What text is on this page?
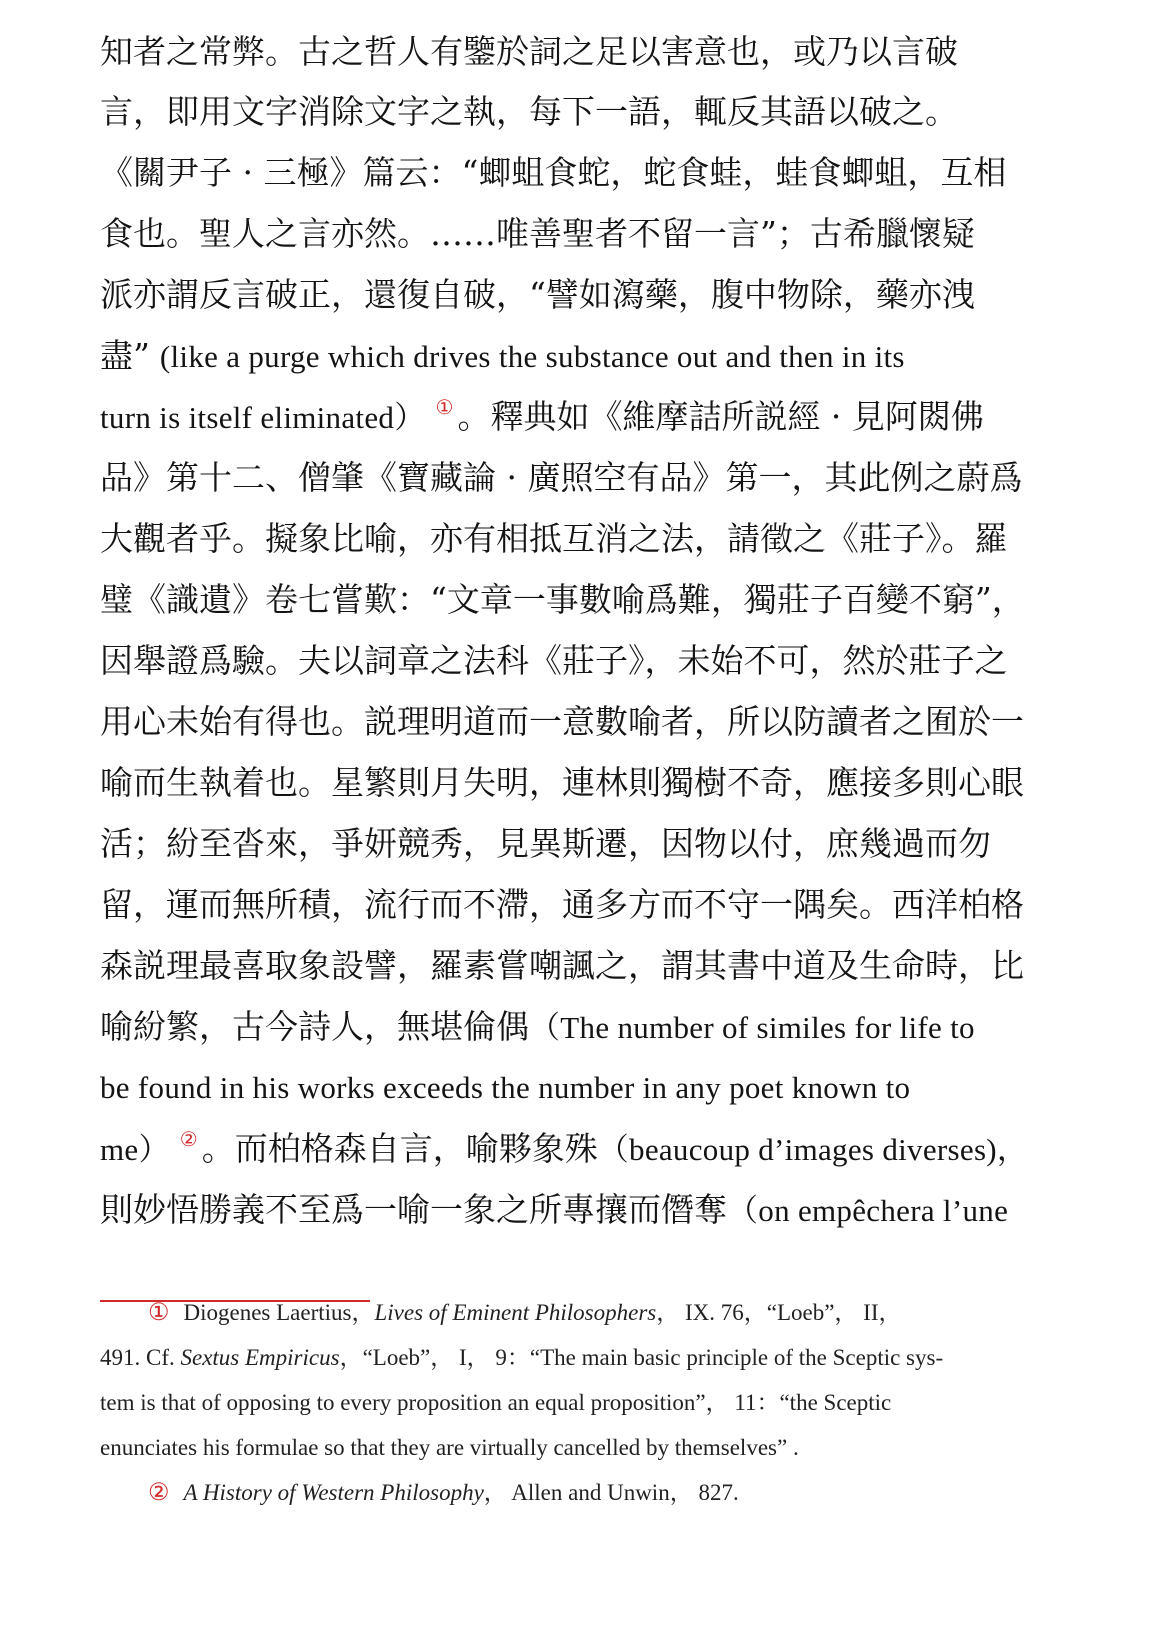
知者之常弊。古之哲人有鑒於詞之足以害意也，或乃以言破
言，即用文字消除文字之執，每下一語，輒反其語以破之。
《關尹子 · 三極》篇云：“蝍蛆食蛇，蛇食蛙，蛙食蝍蛆，互相
食也。聖人之言亦然。……唯善聖者不留一言”；古希臘懷疑
派亦謂反言破正，還復自破，“譬如瀉藥，腹中物除，藥亦洩
盡” (like a purge which drives the substance out and then in its
turn is itself eliminated） ① 。釋典如《維摩詰所説經 · 見阿閦佛
品》第十二、僧肇《寶藏論 · 廣照空有品》第一，其此例之蔚爲
大觀者乎。擬象比喻，亦有相抵互消之法，請徵之《莊子》。羅
璧《識遺》卷七嘗歎：“文章一事數喻爲難，獨莊子百變不窮”，
因舉證爲驗。夫以詞章之法科《莊子》，未始不可，然於莊子之
用心未始有得也。説理明道而一意數喻者，所以防讀者之囿於一
喻而生執着也。星繁則月失明，連林則獨樹不奇，應接多則心眼
活；紛至沓來，爭妍競秀，見異斯遷，因物以付，庶幾過而勿
留，運而無所積，流行而不滯，通多方而不守一隅矣。西洋柏格
森説理最喜取象設譬，羅素嘗嘲諷之，謂其書中道及生命時，比
喻紛繁，古今詩人，無堪倫偶（The number of similes for life to
be found in his works exceeds the number in any poet known to
me） ② 。而柏格森自言，喻夥象殊（beaucoup d’images diverses)，
則妙悟勝義不至爲一喻一象之所專攘而僭奪（on empêchera l’une
① Diogenes Laertius，Lives of Eminent Philosophers， IX. 76，“Loeb”， II，
491. Cf. Sextus Empiricus，“Loeb”， I， 9：“The main basic principle of the Sceptic sys-
tem is that of opposing to every proposition an equal proposition”， 11：“the Sceptic
enunciates his formulae so that they are virtually cancelled by themselves” .
② A History of Western Philosophy， Allen and Unwin， 827.
